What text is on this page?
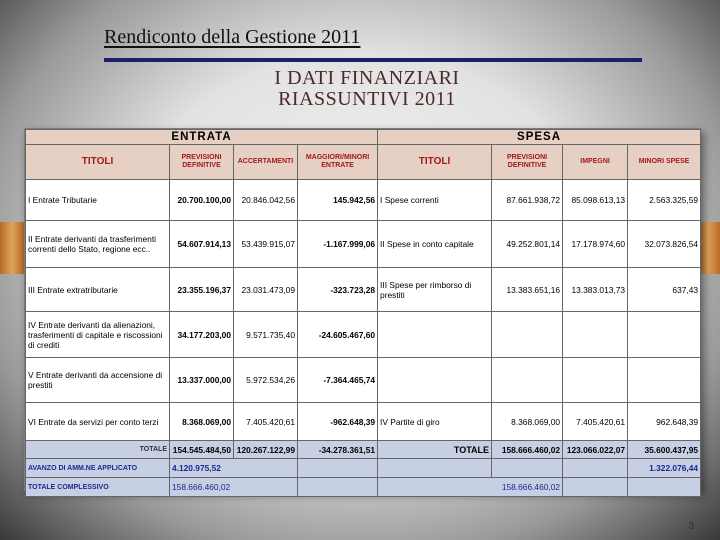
Rendiconto della Gestione 2011
I DATI FINANZIARI RIASSUNTIVI 2011
ENTRATA				SPESA			
TITOLI	PREVISIONI DEFINITIVE	ACCERTAMENTI	MAGGIORI/MINORI ENTRATE	TITOLI	PREVISIONI DEFINITIVE	IMPEGNI	MINORI SPESE
I Entrate Tributarie	20.700.100,00	20.846.042,56	145.942,56	I Spese correnti	87.661.938,72	85.098.613,13	2.563.325,59
II Entrate derivanti da trasferimenti correnti dello Stato, regione ecc..	54.607.914,13	53.439.915,07	-1.167.999,06	II Spese in conto capitale	49.252.801,14	17.178.974,60	32.073.826,54
III Entrate extratributarie	23.355.196,37	23.031.473,09	-323.723,28	III Spese per rimborso di prestiti	13.383.651,16	13.383.013,73	637,43
IV Entrate derivanti da alienazioni, trasferimenti di capitale e riscossioni di crediti	34.177.203,00	9.571.735,40	-24.605.467,60				
V Entrate derivanti da accensione di prestiti	13.337.000,00	5.972.534,26	-7.364.465,74				
VI Entrate da servizi per conto terzi	8.368.069,00	7.405.420,61	-962.648,39	IV Partite di giro	8.368.069,00	7.405.420,61	962.648,39
TOTALE	154.545.484,50	120.267.122,99	-34.278.361,51	TOTALE	158.666.460,02	123.066.022,07	35.600.437,95
AVANZO DI AMM.NE APPLICATO	4.120.975,52						1.322.076,44
TOTALE COMPLESSIVO	158.666.460,02			158.666.460,02			
3
